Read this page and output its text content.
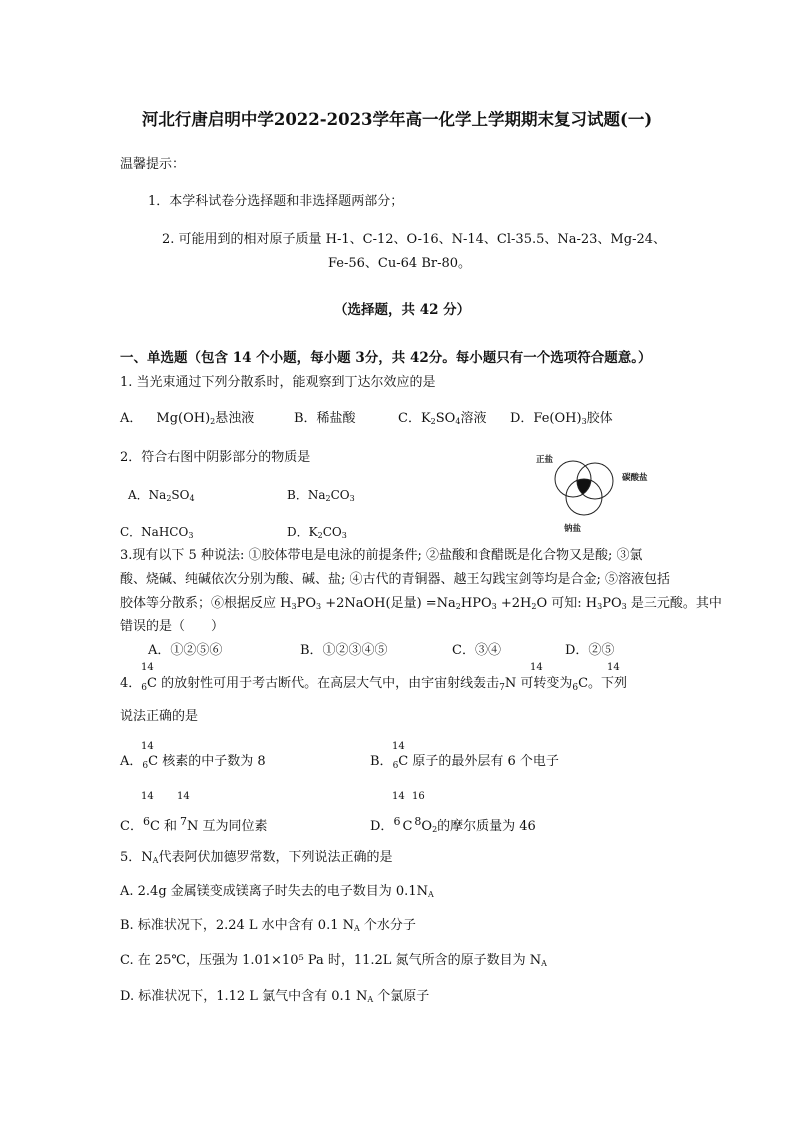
河北行唐启明中学2022-2023学年高一化学上学期期末复习试题(一)
温馨提示：
1．本学科试卷分选择题和非选择题两部分；
2. 可能用到的相对原子质量 H-1、C-12、O-16、N-14、Cl-35.5、Na-23、Mg-24、
Fe-56、Cu-64 Br-80。
（选择题，共 42 分）
一、单选题（包含 14 个小题，每小题 3分，共 42分。每小题只有一个选项符合题意。）
1. 当光束通过下列分散系时，能观察到丁达尔效应的是
A． $Mg(OH)_2$悬浊液	B．稀盐酸	C．$K_2SO_4$溶液 D．$Fe(OH)_3$胶体
2．符合右图中阴影部分的物质是
A．$Na_2SO_4$	B．$Na_2CO_3$
C．NaHCO$_3$	D．$K_2CO_3$
正盐
碳酸盐
钠盐
3.现有以下 5 种说法: ①胶体带电是电泳的前提条件; ②盐酸和食醋既是化合物又是酸; ③氯
酸、烧碱、纯碱依次分别为酸、碱、盐; ④古代的青铜器、越王勾践宝剑等均是合金; ⑤溶液包括
胶体等分散系；⑥根据反应 $H_3PO_3$ +2NaOH(足量) $=Na_2HPO_3 +2H_2O$ 可知: $H_3PO_3$ 是三元酸。其中
错误的是（　　）
A．①②⑤⑥	B．①②③④⑤	C．③④	D．②⑤
14	14	14
4．$_6$C 的放射性可用于考古断代。在高层大气中，由宇宙射线轰击$_7$N 可转变为$_6$C。下列
说法正确的是
14
A．$_6$C 核素的中子数为 8
14
B．$_6$C 原子的最外层有 6 个电子
14 14
C．$^6$C 和 $^7$N 互为同位素
14 16
D．$^6$ C $^8O_2$的摩尔质量为 46
5．$N_A$代表阿伏加德罗常数，下列说法正确的是
A. 2.4g 金属镁变成镁离子时失去的电子数目为 $0.1N_A$
B. 标准状况下，2.24 L 水中含有 0.1 $N_A$ 个水分子
C. 在 25℃，压强为 1.01×10⁵ Pa 时，11.2L 氮气所含的原子数目为 $N_A$
D. 标准状况下，1.12 L 氯气中含有 0.1 $N_A$ 个氯原子
